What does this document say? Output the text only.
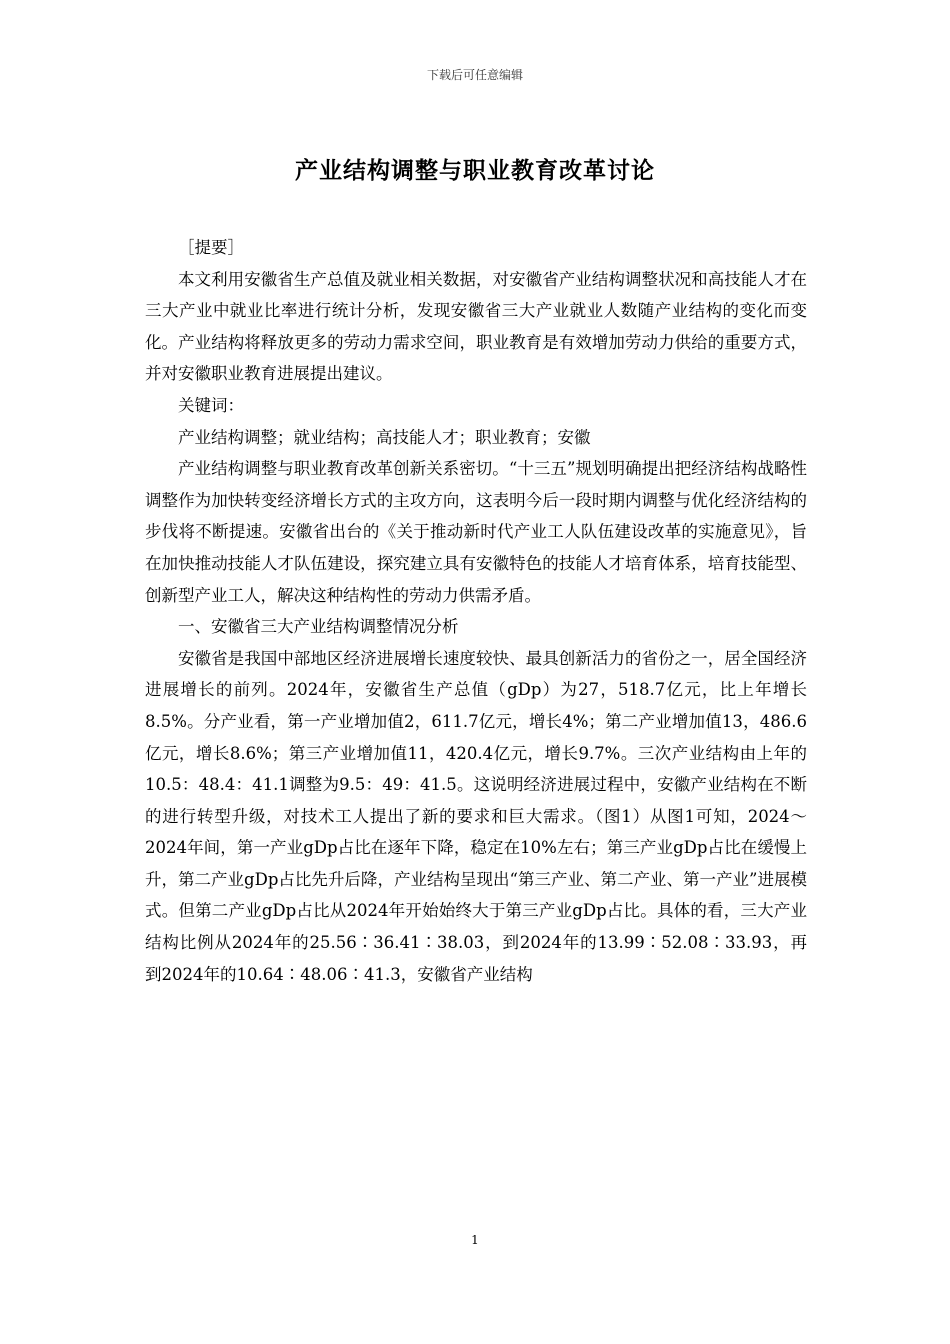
下载后可任意编辑
产业结构调整与职业教育改革讨论

［提要］

本文利用安徽省生产总值及就业相关数据，对安徽省产业结构调整状况和高技能人才在三大产业中就业比率进行统计分析，发现安徽省三大产业就业人数随产业结构的变化而变化。产业结构将释放更多的劳动力需求空间，职业教育是有效增加劳动力供给的重要方式，并对安徽职业教育进展提出建议。

关键词：

产业结构调整；就业结构；高技能人才；职业教育；安徽

产业结构调整与职业教育改革创新关系密切。“十三五”规划明确提出把经济结构战略性调整作为加快转变经济增长方式的主攻方向，这表明今后一段时期内调整与优化经济结构的步伐将不断提速。安徽省出台的《关于推动新时代产业工人队伍建设改革的实施意见》，旨在加快推动技能人才队伍建设，探究建立具有安徽特色的技能人才培育体系，培育技能型、创新型产业工人，解决这种结构性的劳动力供需矛盾。

一、安徽省三大产业结构调整情况分析

安徽省是我国中部地区经济进展增长速度较快、最具创新活力的省份之一，居全国经济进展增长的前列。2024年，安徽省生产总值（gDp）为27，518.7亿元，比上年增长8.5%。分产业看，第一产业增加值2，611.7亿元，增长4%；第二产业增加值13，486.6亿元，增长8.6%；第三产业增加值11，420.4亿元，增长9.7%。三次产业结构由上年的10.5：48.4：41.1调整为9.5：49：41.5。这说明经济进展过程中，安徽产业结构在不断的进行转型升级，对技术工人提出了新的要求和巨大需求。（图1）从图1可知，2024～2024年间，第一产业gDp占比在逐年下降，稳定在10%左右；第三产业gDp占比在缓慢上升，第二产业gDp占比先升后降，产业结构呈现出“第三产业、第二产业、第一产业”进展模式。但第二产业gDp占比从2024年开始始终大于第三产业gDp占比。具体的看，三大产业结构比例从2024年的25.56∶36.41∶38.03，到2024年的13.99∶52.08∶33.93，再到2024年的10.64∶48.06∶41.3，安徽省产业结构

1
